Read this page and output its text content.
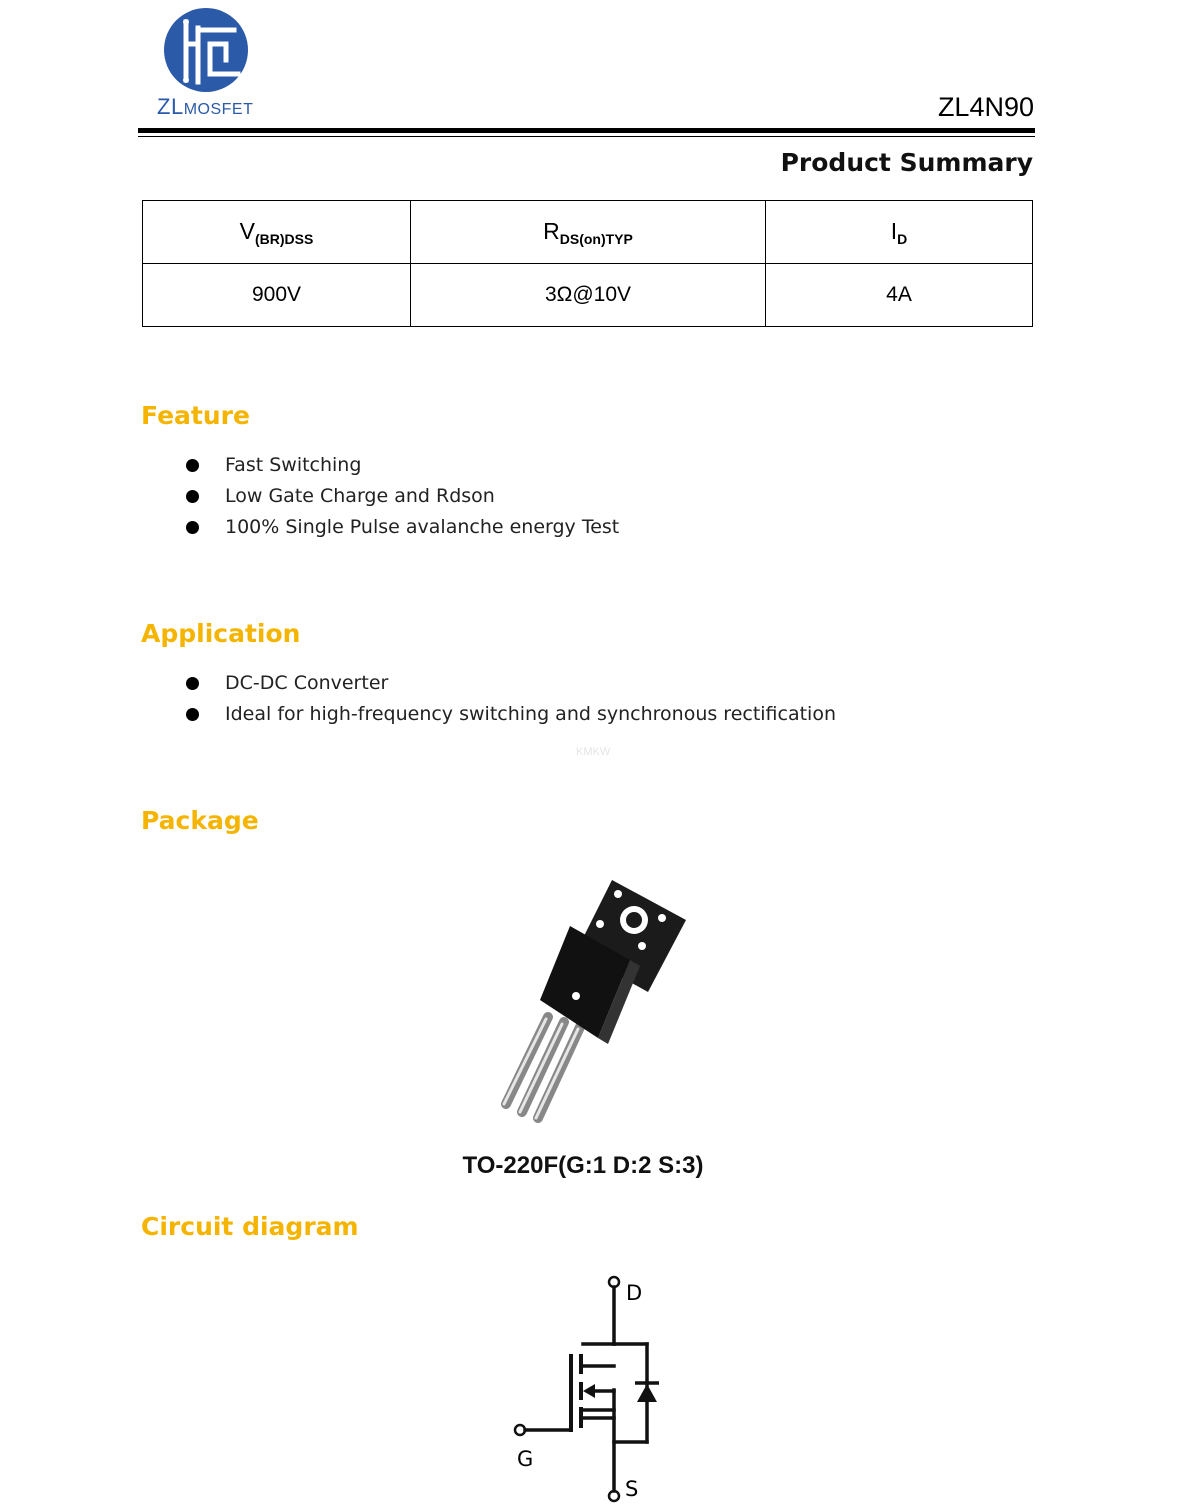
ZLMOSFET	ZL4N90
Product Summary
$V_{(BR)DSS}$	$R_{DS(on)TYP}$	$I_D$
900V	3Ω@10V	4A
Feature
Fast Switching
Low Gate Charge and Rdson
100% Single Pulse avalanche energy Test
Application
DC-DC Converter
Ideal for high-frequency switching and synchronous rectification
KMKW
Package
TO-220F(G:1 D:2 S:3)
Circuit diagram
D
G
S
